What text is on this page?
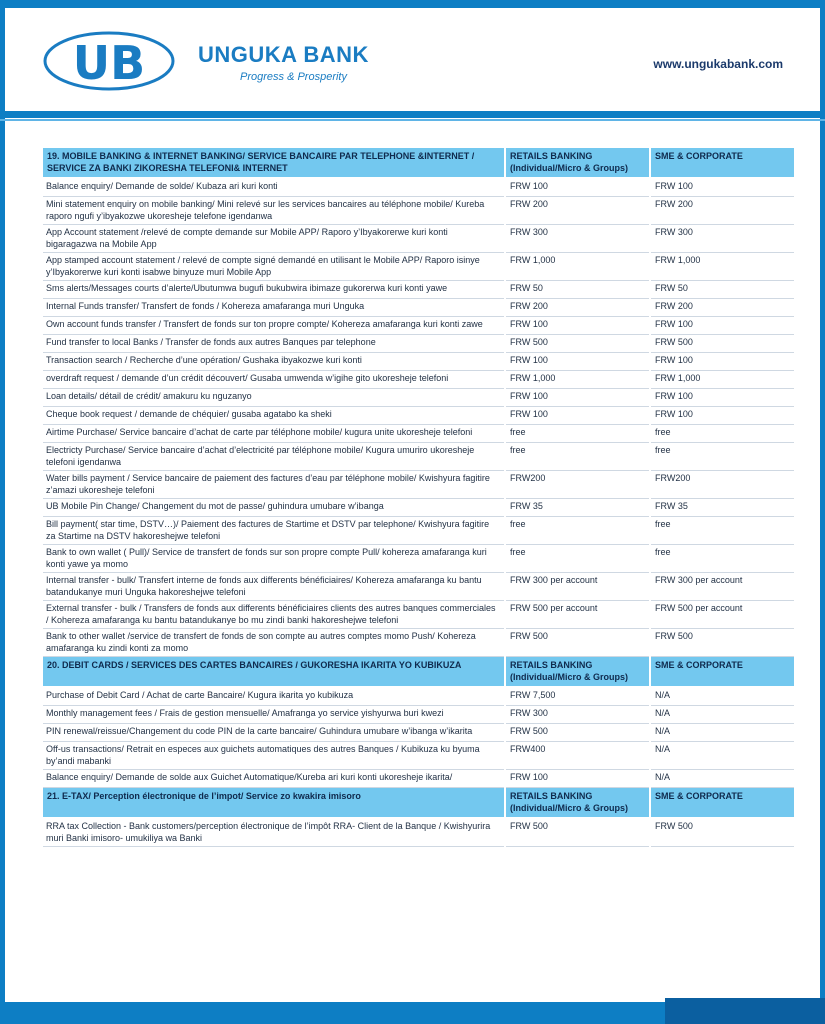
UB UNGUKA BANK
Progress & Prosperity
www.ungukabank.com
19. MOBILE BANKING & INTERNET BANKING/ SERVICE BANCAIRE PAR TELEPHONE &INTERNET / SERVICE ZA BANKI ZIKORESHA TELEFONI& INTERNET	RETAILS BANKING (Individual/Micro & Groups)	SME & CORPORATE
Balance enquiry/ Demande de solde/ Kubaza ari kuri konti	FRW 100	FRW 100
Mini statement enquiry on mobile banking/ Mini relevé sur les services bancaires au téléphone mobile/ Kureba raporo ngufi y’ibyakozwe ukoresheje telefone igendanwa	FRW 200	FRW 200
App Account statement /relevé de compte demande sur Mobile APP/ Raporo y’Ibyakorerwe kuri konti bigaragazwa na Mobile App	FRW 300	FRW 300
App stamped account statement / relevé de compte signé demandé en utilisant le Mobile APP/ Raporo isinye y’Ibyakorerwe kuri konti isabwe binyuze muri Mobile App	FRW 1,000	FRW 1,000
Sms alerts/Messages courts d’alerte/Ubutumwa bugufi bukubwira ibimaze gukorerwa kuri konti yawe	FRW 50	FRW 50
Internal Funds transfer/ Transfert de fonds / Kohereza amafaranga muri Unguka	FRW 200	FRW 200
Own account funds transfer / Transfert de fonds sur ton propre compte/ Kohereza amafaranga kuri konti zawe	FRW 100	FRW 100
Fund transfer to local Banks / Transfer de fonds aux autres Banques par telephone	FRW 500	FRW 500
Transaction search / Recherche d’une opération/ Gushaka ibyakozwe kuri konti	FRW 100	FRW 100
overdraft request / demande d’un crédit découvert/ Gusaba umwenda w’igihe gito ukoresheje telefoni	FRW 1,000	FRW 1,000
Loan details/ détail de crédit/ amakuru ku nguzanyo	FRW 100	FRW 100
Cheque book request / demande de chéquier/ gusaba agatabo ka sheki	FRW 100	FRW 100
Airtime Purchase/ Service bancaire d’achat de carte par téléphone mobile/ kugura unite ukoresheje telefoni	free	free
Electricty Purchase/ Service bancaire d’achat d’electricité par téléphone mobile/ Kugura umuriro ukoresheje telefoni igendanwa	free	free
Water bills payment / Service bancaire de paiement des factures d’eau par téléphone mobile/ Kwishyura fagitire z’amazi ukoresheje telefoni	FRW200	FRW200
UB Mobile Pin Change/ Changement du mot de passe/ guhindura umubare w’ibanga	FRW 35	FRW 35
Bill payment( star time, DSTV…)/ Paiement des factures de Startime et DSTV par telephone/ Kwishyura fagitire za Startime na DSTV hakoreshejwe telefoni	free	free
Bank to own wallet ( Pull)/ Service de transfert de fonds sur son propre compte Pull/ kohereza amafaranga kuri konti yawe ya momo	free	free
Internal transfer - bulk/ Transfert interne de fonds aux differents bénéficiaires/ Kohereza amafaranga ku bantu batandukanye muri Unguka hakoreshejwe telefoni	FRW 300 per account	FRW 300 per account
External transfer - bulk / Transfers de fonds aux differents bénéficiaires clients des autres banques commerciales / Kohereza amafaranga ku bantu batandukanye bo mu zindi banki hakoreshejwe telefoni	FRW 500 per account	FRW 500 per account
Bank to other wallet /service de transfert de fonds de son compte au autres comptes momo Push/ Kohereza amafaranga ku zindi konti za momo	FRW 500	FRW 500
20. DEBIT CARDS / SERVICES DES CARTES BANCAIRES / GUKORESHA IKARITA YO KUBIKUZA	RETAILS BANKING (Individual/Micro & Groups)	SME & CORPORATE
Purchase of Debit Card / Achat de carte Bancaire/ Kugura ikarita yo kubikuza	FRW 7,500	N/A
Monthly management fees / Frais de gestion mensuelle/ Amafranga yo service yishyurwa buri kwezi	FRW 300	N/A
PIN renewal/reissue/Changement du code PIN de la carte bancaire/ Guhindura umubare w’ibanga w’ikarita	FRW 500	N/A
Off-us transactions/ Retrait en especes aux guichets automatiques des autres Banques / Kubikuza ku byuma by’andi mabanki	FRW400	N/A
Balance enquiry/ Demande de solde aux Guichet Automatique/Kureba ari kuri konti ukoresheje ikarita/	FRW 100	N/A
21. E-TAX/ Perception électronique de l’impot/ Service zo kwakira imisoro	RETAILS BANKING (Individual/Micro & Groups)	SME & CORPORATE
RRA tax Collection - Bank customers/perception électronique de l’impôt RRA- Client de la Banque / Kwishyurira muri Banki imisoro- umukiliya wa Banki	FRW 500	FRW 500
